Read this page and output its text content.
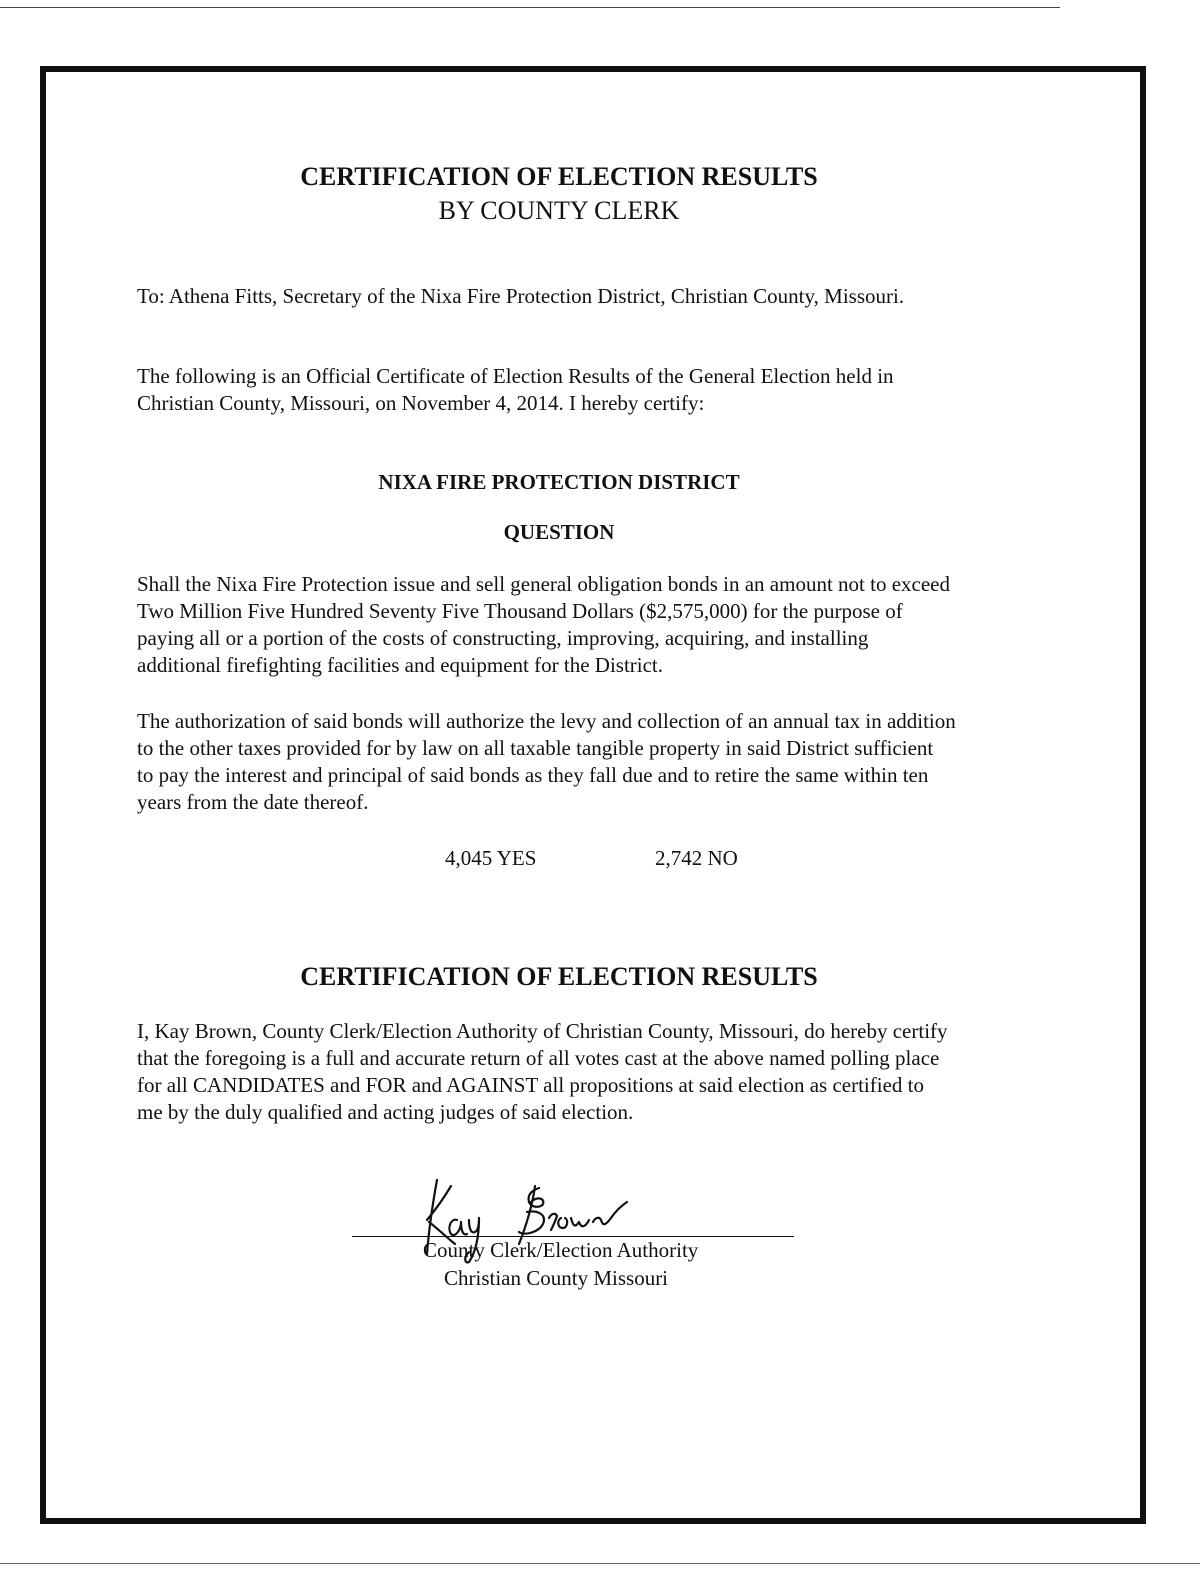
CERTIFICATION OF ELECTION RESULTS
BY COUNTY CLERK
To: Athena Fitts, Secretary of the Nixa Fire Protection District, Christian County, Missouri.
The following is an Official Certificate of Election Results of the General Election held in
Christian County, Missouri, on November 4, 2014. I hereby certify:
NIXA FIRE PROTECTION DISTRICT
QUESTION
Shall the Nixa Fire Protection issue and sell general obligation bonds in an amount not to exceed
Two Million Five Hundred Seventy Five Thousand Dollars ($2,575,000) for the purpose of
paying all or a portion of the costs of constructing, improving, acquiring, and installing
additional firefighting facilities and equipment for the District.
The authorization of said bonds will authorize the levy and collection of an annual tax in addition
to the other taxes provided for by law on all taxable tangible property in said District sufficient
to pay the interest and principal of said bonds as they fall due and to retire the same within ten
years from the date thereof.
4,045 YES	2,742 NO
CERTIFICATION OF ELECTION RESULTS
I, Kay Brown, County Clerk/Election Authority of Christian County, Missouri, do hereby certify
that the foregoing is a full and accurate return of all votes cast at the above named polling place
for all CANDIDATES and FOR and AGAINST all propositions at said election as certified to
me by the duly qualified and acting judges of said election.
County Clerk/Election Authority
Christian County Missouri
